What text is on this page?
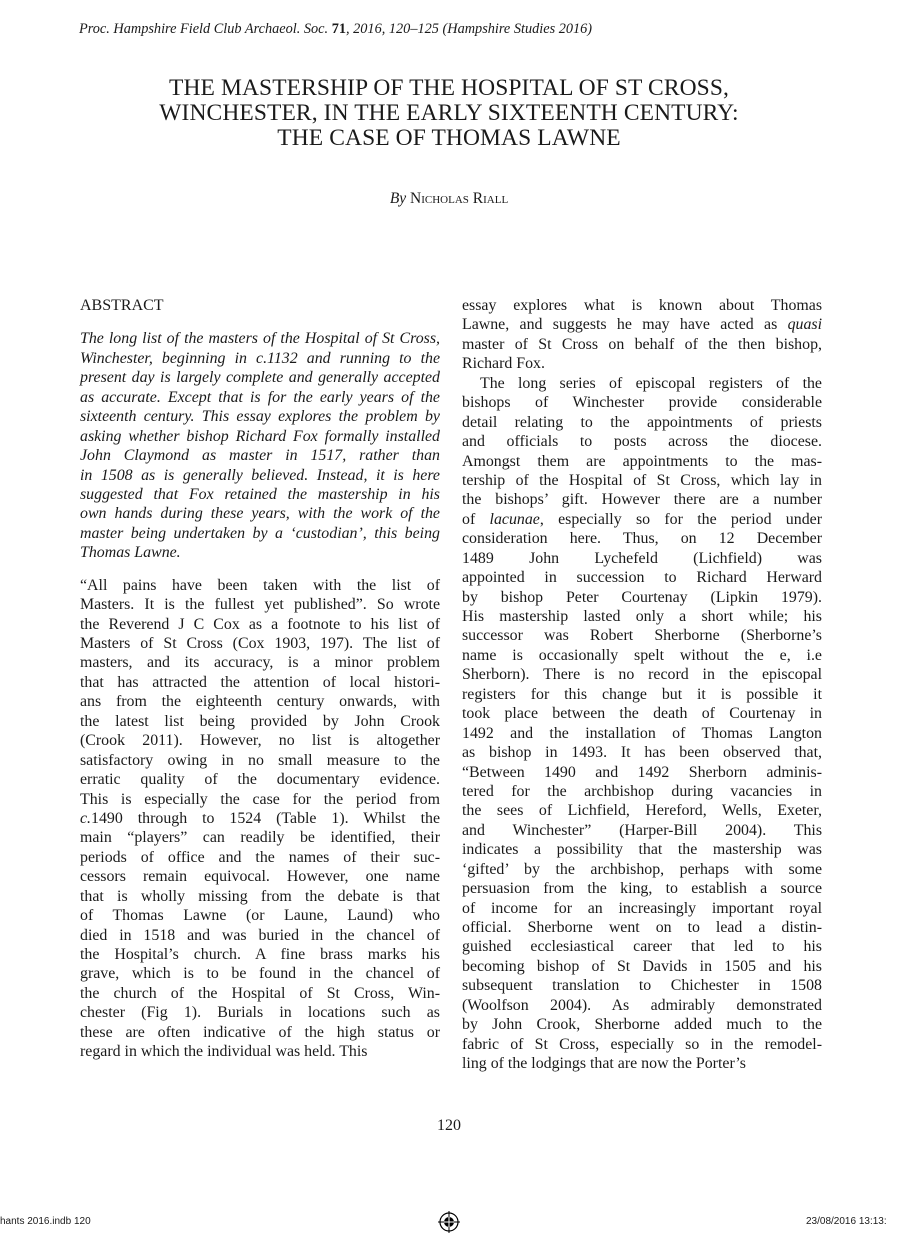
Proc. Hampshire Field Club Archaeol. Soc. 71, 2016, 120–125 (Hampshire Studies 2016)
THE MASTERSHIP OF THE HOSPITAL OF ST CROSS,
WINCHESTER, IN THE EARLY SIXTEENTH CENTURY:
THE CASE OF THOMAS LAWNE
By Nicholas Riall
ABSTRACT
The long list of the masters of the Hospital of St Cross,
Winchester, beginning in c.1132 and running to the
present day is largely complete and generally accepted
as accurate. Except that is for the early years of the
sixteenth century. This essay explores the problem by
asking whether bishop Richard Fox formally installed
John Claymond as master in 1517, rather than
in 1508 as is generally believed. Instead, it is here
suggested that Fox retained the mastership in his
own hands during these years, with the work of the
master being undertaken by a ‘custodian’, this being
Thomas Lawne.
“All pains have been taken with the list of
Masters. It is the fullest yet published”. So wrote
the Reverend J C Cox as a footnote to his list of
Masters of St Cross (Cox 1903, 197). The list of
masters, and its accuracy, is a minor problem
that has attracted the attention of local histori-
ans from the eighteenth century onwards, with
the latest list being provided by John Crook
(Crook 2011). However, no list is altogether
satisfactory owing in no small measure to the
erratic quality of the documentary evidence.
This is especially the case for the period from
c.1490 through to 1524 (Table 1). Whilst the
main “players” can readily be identified, their
periods of office and the names of their suc-
cessors remain equivocal. However, one name
that is wholly missing from the debate is that
of Thomas Lawne (or Laune, Laund) who
died in 1518 and was buried in the chancel of
the Hospital’s church. A fine brass marks his
grave, which is to be found in the chancel of
the church of the Hospital of St Cross, Win-
chester (Fig 1). Burials in locations such as
these are often indicative of the high status or
regard in which the individual was held. This
essay explores what is known about Thomas
Lawne, and suggests he may have acted as quasi
master of St Cross on behalf of the then bishop,
Richard Fox.
The long series of episcopal registers of the
bishops of Winchester provide considerable
detail relating to the appointments of priests
and officials to posts across the diocese.
Amongst them are appointments to the mas-
tership of the Hospital of St Cross, which lay in
the bishops’ gift. However there are a number
of lacunae, especially so for the period under
consideration here. Thus, on 12 December
1489 John Lychefeld (Lichfield) was
appointed in succession to Richard Herward
by bishop Peter Courtenay (Lipkin 1979).
His mastership lasted only a short while; his
successor was Robert Sherborne (Sherborne’s
name is occasionally spelt without the e, i.e
Sherborn). There is no record in the episcopal
registers for this change but it is possible it
took place between the death of Courtenay in
1492 and the installation of Thomas Langton
as bishop in 1493. It has been observed that,
“Between 1490 and 1492 Sherborn adminis-
tered for the archbishop during vacancies in
the sees of Lichfield, Hereford, Wells, Exeter,
and Winchester” (Harper-Bill 2004). This
indicates a possibility that the mastership was
‘gifted’ by the archbishop, perhaps with some
persuasion from the king, to establish a source
of income for an increasingly important royal
official. Sherborne went on to lead a distin-
guished ecclesiastical career that led to his
becoming bishop of St Davids in 1505 and his
subsequent translation to Chichester in 1508
(Woolfson 2004). As admirably demonstrated
by John Crook, Sherborne added much to the
fabric of St Cross, especially so in the remodel-
ling of the lodgings that are now the Porter’s
120
hants 2016.indb 120	23/08/2016 13:13:
